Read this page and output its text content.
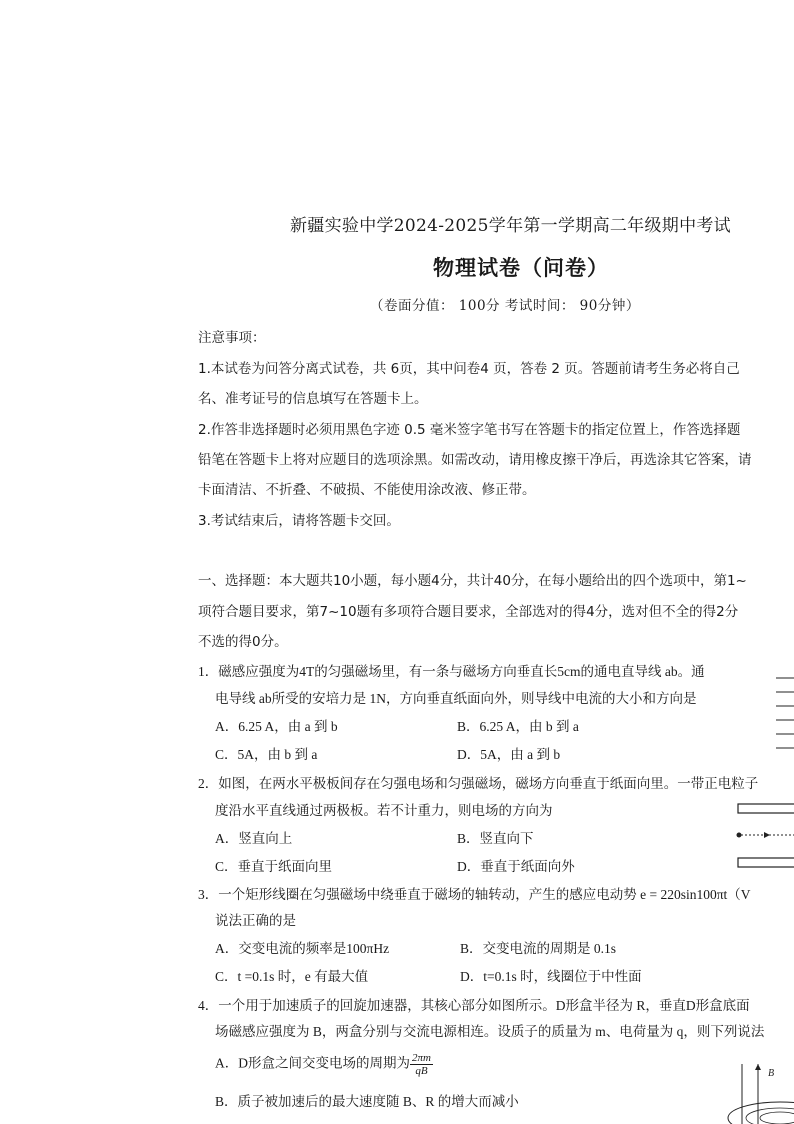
新疆实验中学2024-2025学年第一学期高二年级期中考试
物理试卷（问卷）
（卷面分值： 100分 考试时间： 90分钟）
注意事项：
1.本试卷为问答分离式试卷，共 6页，其中问卷4 页，答卷 2 页。答题前请考生务必将自己
名、准考证号的信息填写在答题卡上。
2.作答非选择题时必须用黑色字迹 0.5 毫米签字笔书写在答题卡的指定位置上，作答选择题
铅笔在答题卡上将对应题目的选项涂黑。如需改动，请用橡皮擦干净后，再选涂其它答案，请
卡面清洁、不折叠、不破损、不能使用涂改液、修正带。
3.考试结束后，请将答题卡交回。
一、选择题：本大题共10小题，每小题4分，共计40分，在每小题给出的四个选项中，第1~
项符合题目要求，第7~10题有多项符合题目要求，全部选对的得4分，选对但不全的得2分
不选的得0分。
1．磁感应强度为4T的匀强磁场里，有一条与磁场方向垂直长5cm的通电直导线 ab。通
电导线 ab所受的安培力是 1N，方向垂直纸面向外，则导线中电流的大小和方向是
A．6.25 A，由 a 到 b	B．6.25 A，由 b 到 a
C．5A，由 b 到 a	D．5A，由 a 到 b
2．如图，在两水平极板间存在匀强电场和匀强磁场，磁场方向垂直于纸面向里。一带正电粒子
度沿水平直线通过两极板。若不计重力，则电场的方向为
A．竖直向上	B．竖直向下
C．垂直于纸面向里	D．垂直于纸面向外
3．一个矩形线圈在匀强磁场中绕垂直于磁场的轴转动，产生的感应电动势 e = 220sin100πt（V
说法正确的是
A．交变电流的频率是100πHz	B．交变电流的周期是 0.1s
C．t =0.1s 时，e 有最大值	D．t=0.1s 时，线圈位于中性面
4．一个用于加速质子的回旋加速器，其核心部分如图所示。D形盒半径为 R，垂直D形盒底面
场磁感应强度为 B，两盒分别与交流电源相连。设质子的质量为 m、电荷量为 q，则下列说法
A．D形盒之间交变电场的周期为 $\frac{2\pi m}{qB}$
B．质子被加速后的最大速度随 B、R 的增大而减小
B
